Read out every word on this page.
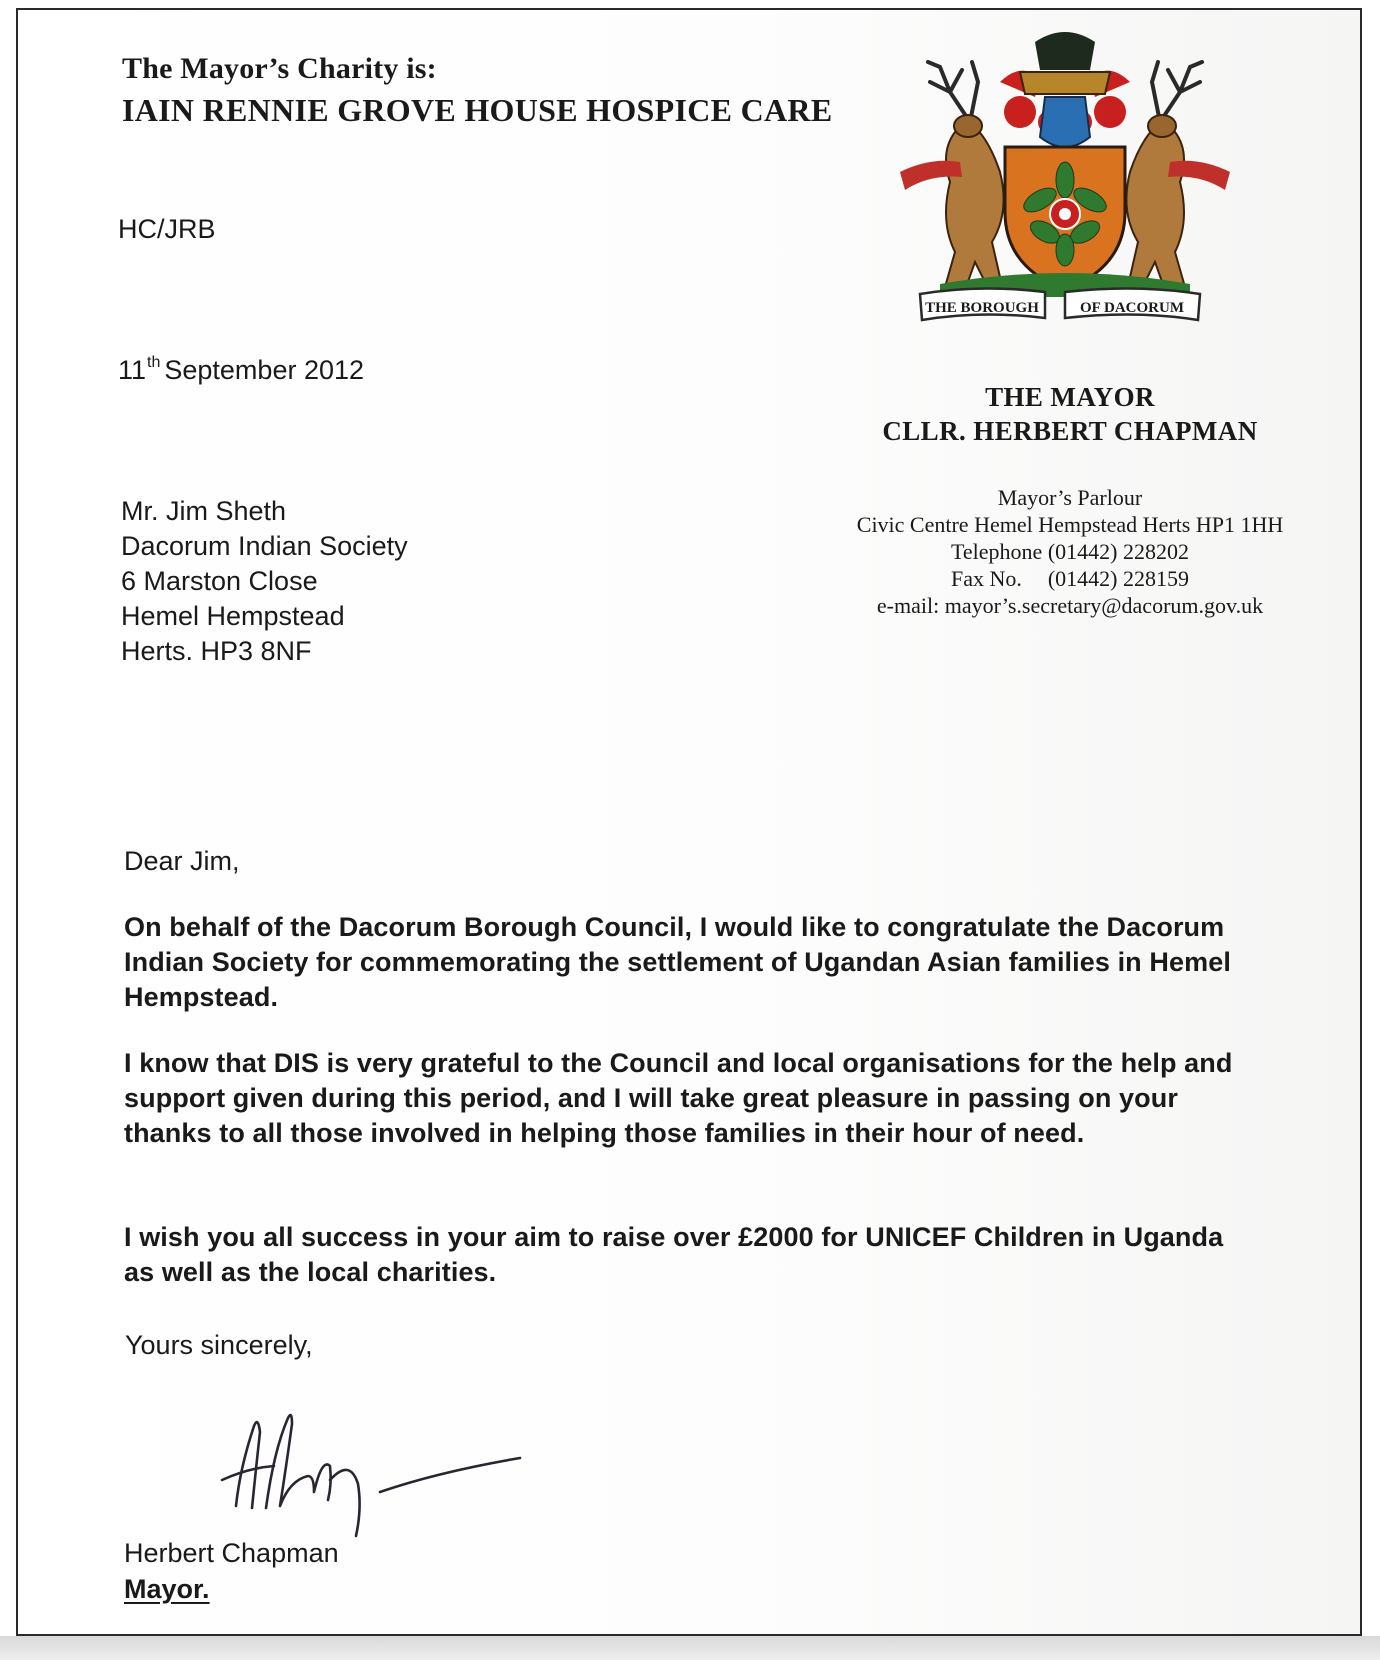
The Mayor’s Charity is:
IAIN RENNIE GROVE HOUSE HOSPICE CARE
HC/JRB
11th September 2012
Mr. Jim Sheth
Dacorum Indian Society
6 Marston Close
Hemel Hempstead
Herts. HP3 8NF
THE BOROUGH	OF DACORUM
THE MAYOR
CLLR. HERBERT CHAPMAN
Mayor’s Parlour
Civic Centre Hemel Hempstead Herts HP1 1HH
Telephone (01442) 228202
Fax No. (01442) 228159
e-mail: mayor’s.secretary@dacorum.gov.uk
Dear Jim,
On behalf of the Dacorum Borough Council, I would like to congratulate the Dacorum Indian Society for commemorating the settlement of Ugandan Asian families in Hemel Hempstead.
I know that DIS is very grateful to the Council and local organisations for the help and support given during this period, and I will take great pleasure in passing on your thanks to all those involved in helping those families in their hour of need.
I wish you all success in your aim to raise over £2000 for UNICEF Children in Uganda as well as the local charities.
Yours sincerely,
Herbert Chapman
Mayor.
